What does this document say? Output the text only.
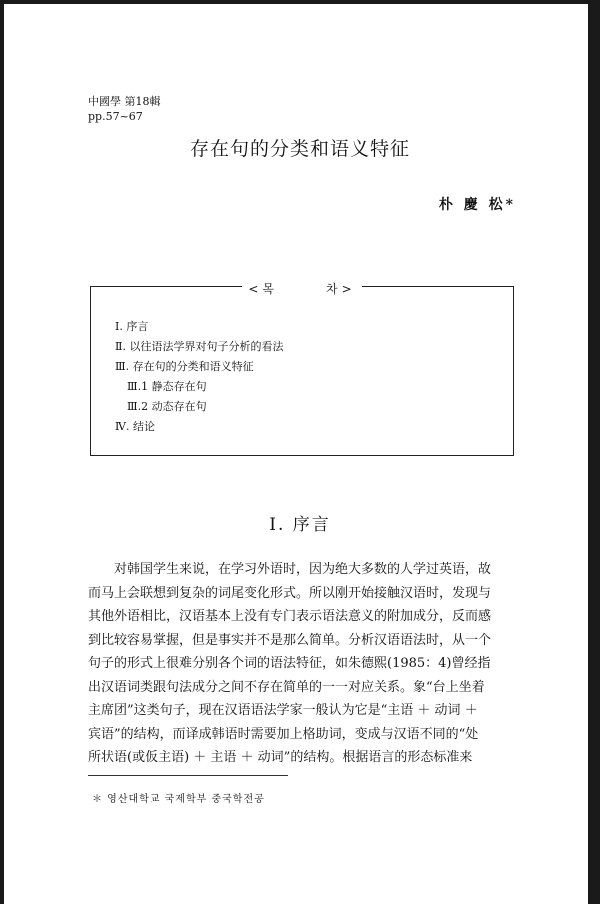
中國學 第18輯
pp.57~67
存在句的分类和语义特征
朴 慶 松*
<목　　　차>
Ⅰ. 序言
Ⅱ. 以往语法学界对句子分析的看法
Ⅲ. 存在句的分类和语义特征
Ⅲ.1 静态存在句
Ⅲ.2 动态存在句
Ⅳ. 结论
Ⅰ. 序言
　　对韩国学生来说，在学习外语时，因为绝大多数的人学过英语，故
而马上会联想到复杂的词尾变化形式。所以刚开始接触汉语时，发现与
其他外语相比，汉语基本上没有专门表示语法意义的附加成分，反而感
到比较容易掌握，但是事实并不是那么简单。分析汉语语法时，从一个
句子的形式上很难分别各个词的语法特征，如朱德熙(1985：4)曾经指
出汉语词类跟句法成分之间不存在简单的一一对应关系。象“台上坐着
主席团”这类句子，现在汉语语法学家一般认为它是“主语 ＋ 动词 ＋
宾语”的结构，而译成韩语时需要加上格助词，变成与汉语不同的“处
所状语(或仮主语) ＋ 主语 ＋ 动词”的结构。根据语言的形态标准来
＊ 영산대학교 국제학부 중국학전공
